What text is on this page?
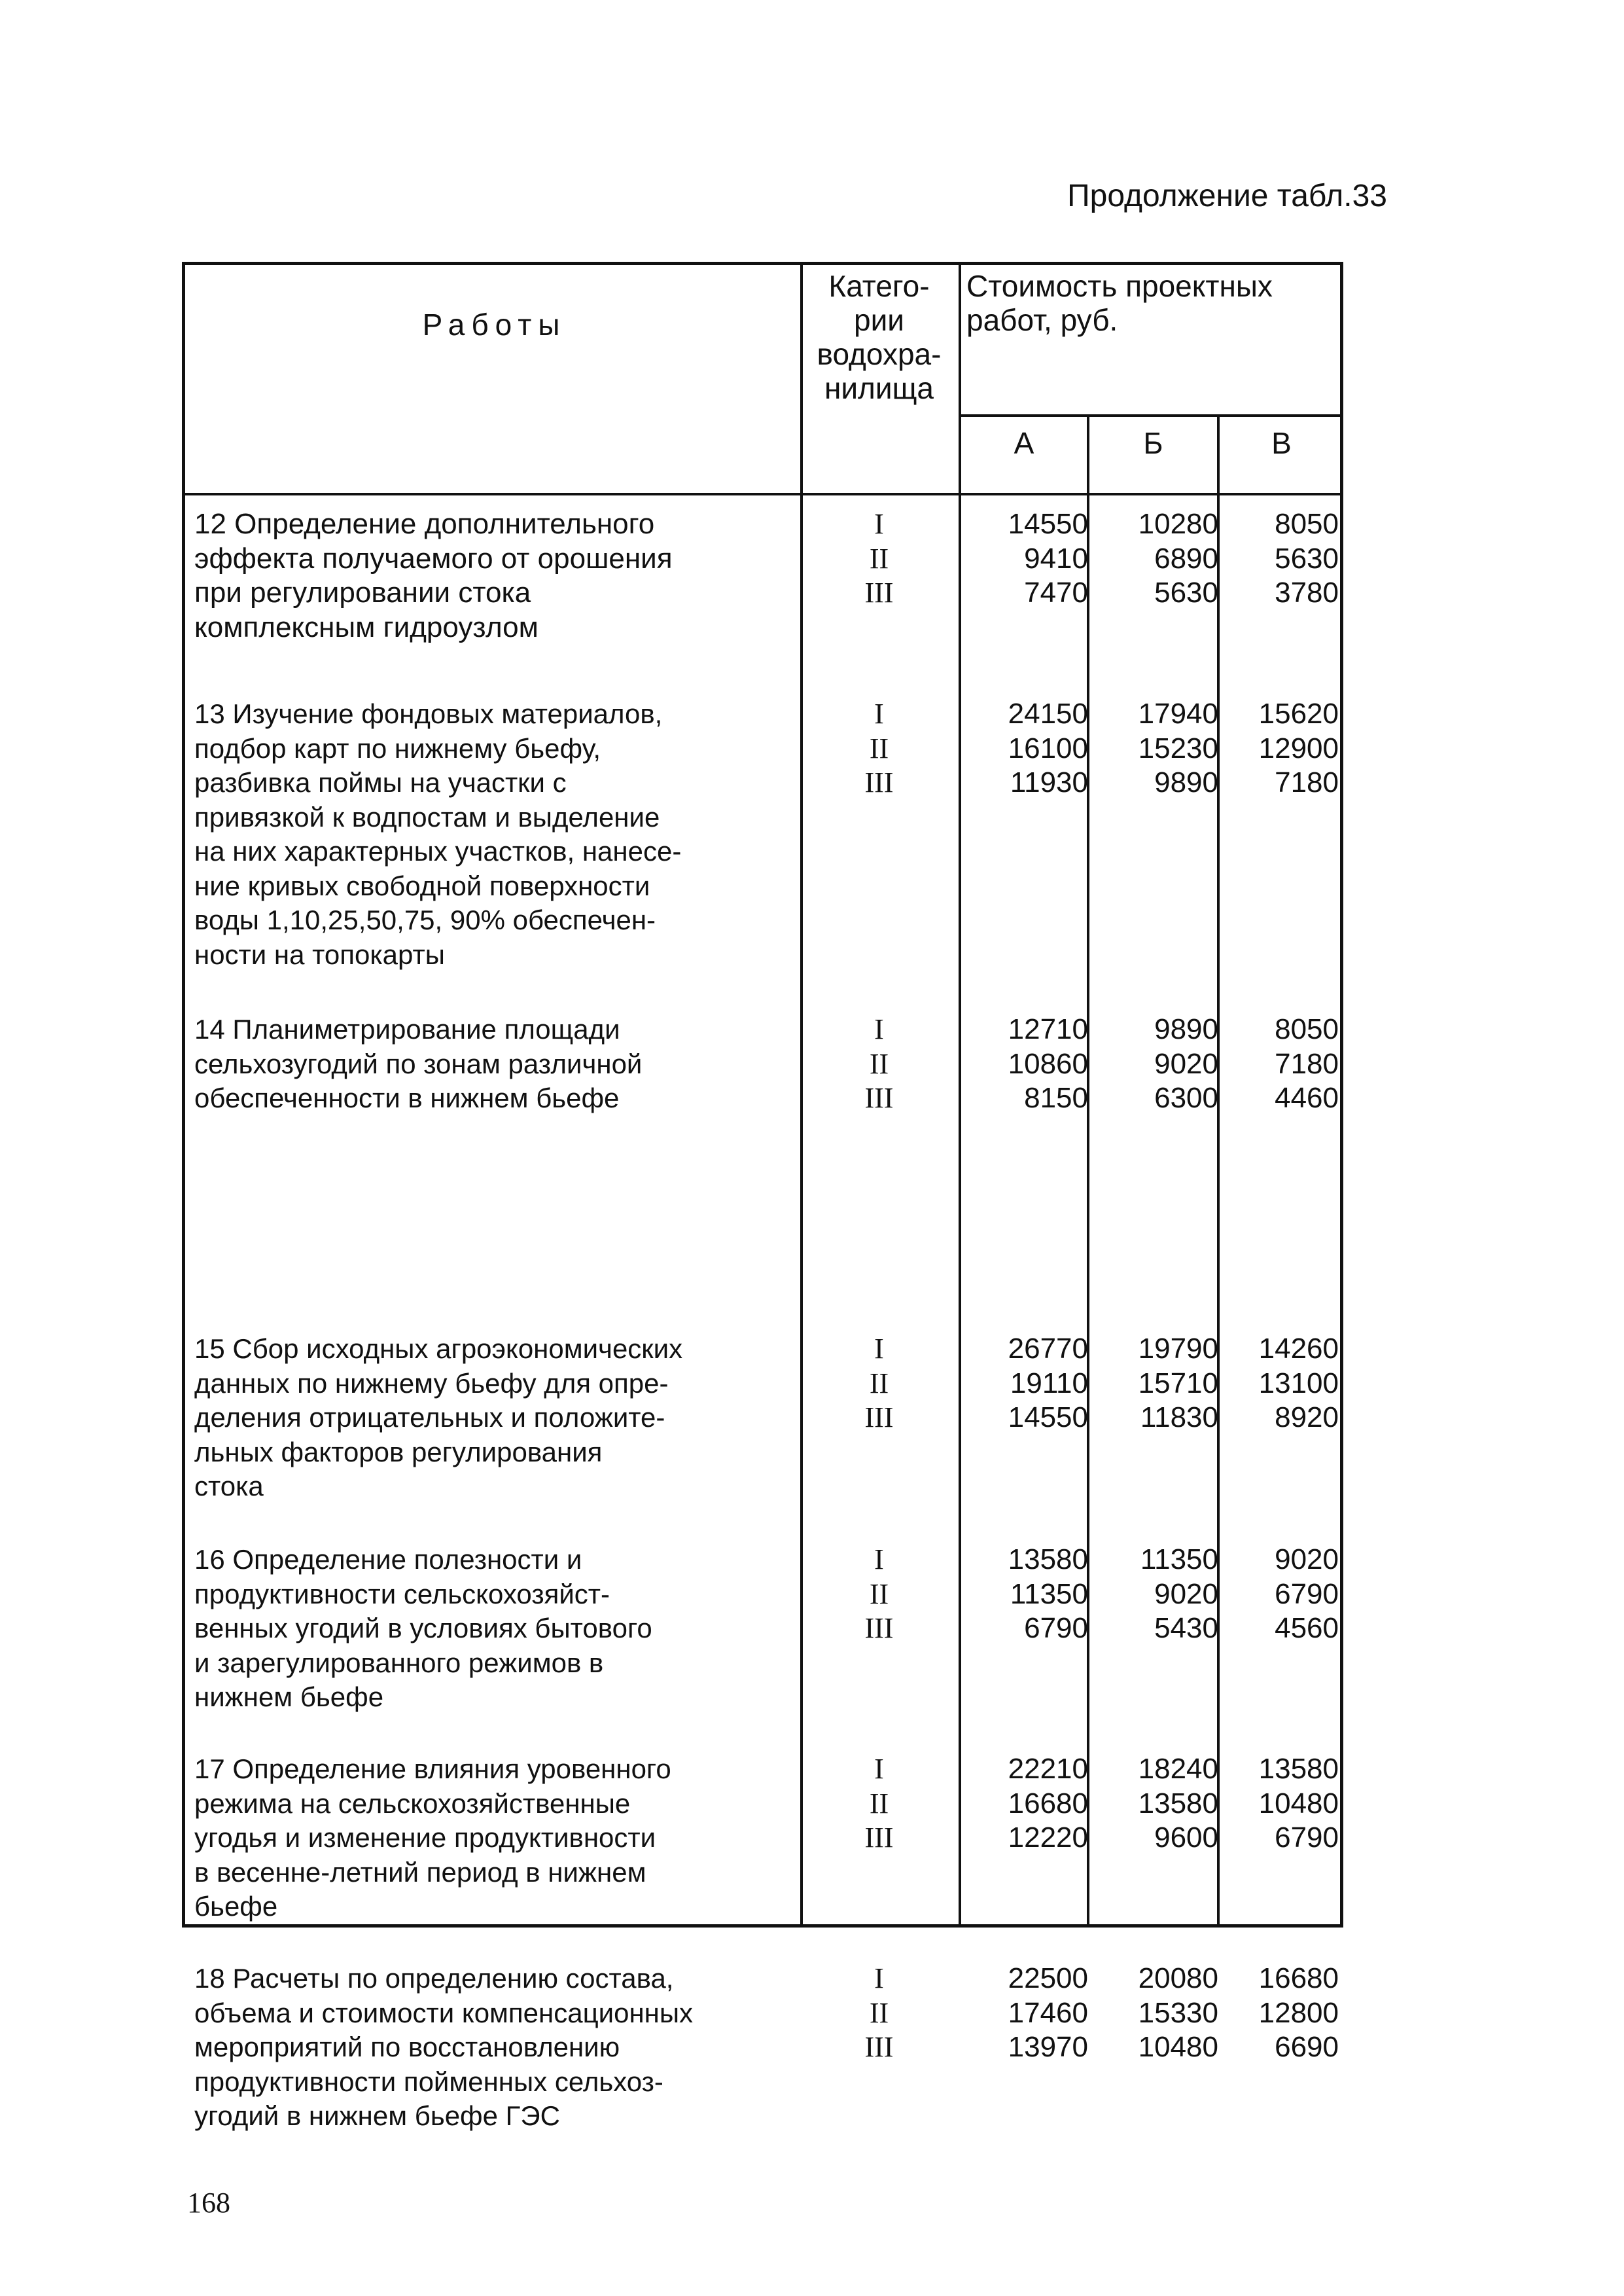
Продолжение табл.33
Работы
Катего-
рии
водохра-
нилища
Стоимость проектных
работ, руб.
А	Б	В
12 Определение дополнительного
эффекта получаемого от орошения
при регулировании стока
комплексным гидроузлом
I
II
III
14550
9410
7470
10280
6890
5630
8050
5630
3780
13 Изучение фондовых материалов,
подбор карт по нижнему бьефу,
разбивка поймы на участки с
привязкой к водпостам и выделение
на них характерных участков, нанесе-
ние кривых свободной поверхности
воды 1,10,25,50,75, 90% обеспечен-
ности на топокарты
I
II
III
24150
16100
11930
17940
15230
9890
15620
12900
7180
14 Планиметрирование площади
сельхозугодий по зонам различной
обеспеченности в нижнем бьефе
I
II
III
12710
10860
8150
9890
9020
6300
8050
7180
4460
15 Сбор исходных агроэкономических
данных по нижнему бьефу для опре-
деления отрицательных и положите-
льных факторов регулирования
стока
I
II
III
26770
19110
14550
19790
15710
11830
14260
13100
8920
16 Определение полезности и
продуктивности сельскохозяйст-
венных угодий в условиях бытового
и зарегулированного режимов в
нижнем бьефе
I
II
III
13580
11350
6790
11350
9020
5430
9020
6790
4560
17 Определение влияния уровенного
режима на сельскохозяйственные
угодья и изменение продуктивности
в весенне-летний период в нижнем
бьефе
I
II
III
22210
16680
12220
18240
13580
9600
13580
10480
6790
18 Расчеты по определению состава,
объема и стоимости компенсационных
мероприятий по восстановлению
продуктивности пойменных сельхоз-
угодий в нижнем бьефе ГЭС
I
II
III
22500
17460
13970
20080
15330
10480
16680
12800
6690
168
